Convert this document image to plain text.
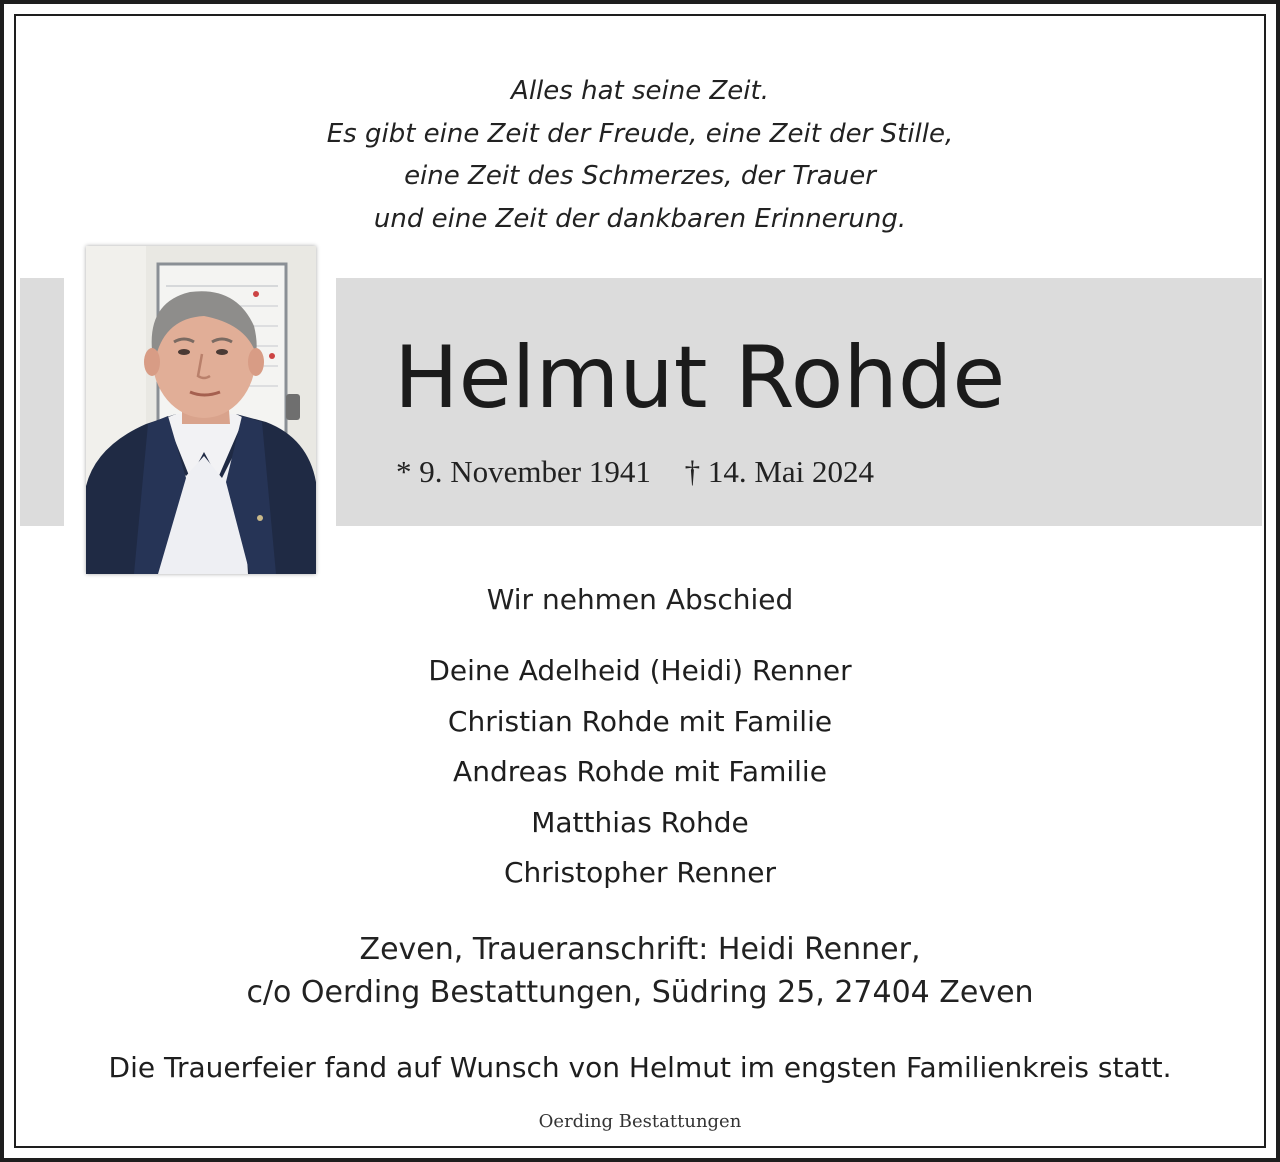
Alles hat seine Zeit.
Es gibt eine Zeit der Freude, eine Zeit der Stille,
eine Zeit des Schmerzes, der Trauer
und eine Zeit der dankbaren Erinnerung.
Helmut Rohde
* 9. November 1941 † 14. Mai 2024
Wir nehmen Abschied
Deine Adelheid (Heidi) Renner
Christian Rohde mit Familie
Andreas Rohde mit Familie
Matthias Rohde
Christopher Renner
Zeven, Traueranschrift: Heidi Renner,
c/o Oerding Bestattungen, Südring 25, 27404 Zeven
Die Trauerfeier fand auf Wunsch von Helmut im engsten Familienkreis statt.
Oerding Bestattungen
